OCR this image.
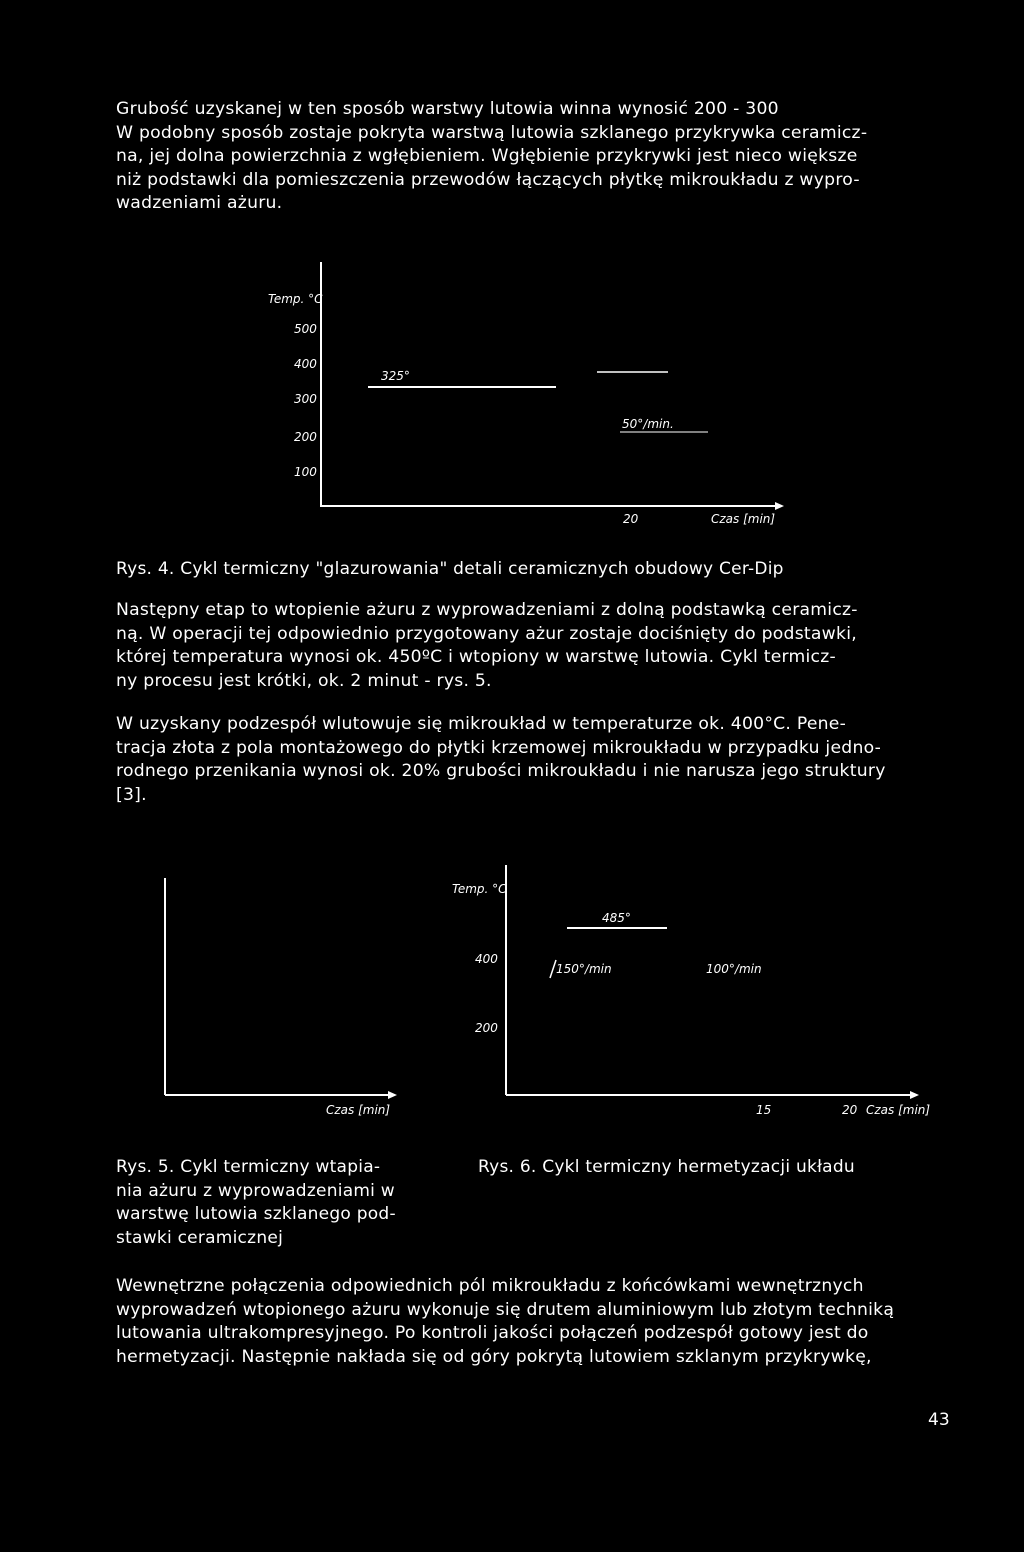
Grubość uzyskanej w ten sposób warstwy lutowia winna wynosić 200 - 300
W podobny sposób zostaje pokryta warstwą lutowia szklanego przykrywka ceramicz-
na, jej dolna powierzchnia z wgłębieniem. Wgłębienie przykrywki jest nieco większe
niż podstawki dla pomieszczenia przewodów łączących płytkę mikroukładu z wypro-
wadzeniami ażuru.
Temp. °C
500
400
300
200
100
325°
50°/min.
20	Czas [min]

Rys. 4. Cykl termiczny "glazurowania" detali ceramicznych obudowy Cer-Dip

Następny etap to wtopienie ażuru z wyprowadzeniami z dolną podstawką ceramicz-
ną. W operacji tej odpowiednio przygotowany ażur zostaje dociśnięty do podstawki,
której temperatura wynosi ok. 450ºC i wtopiony w warstwę lutowia. Cykl termicz-
ny procesu jest krótki, ok. 2 minut - rys. 5.
W uzyskany podzespół wlutowuje się mikroukład w temperaturze ok. 400°C. Pene-
tracja złota z pola montażowego do płytki krzemowej mikroukładu w przypadku jedno-
rodnego przenikania wynosi ok. 20% grubości mikroukładu i nie narusza jego struktury
[3].
Czas [min]
Temp. °C
400
200
485°
150°/min	100°/min
15	20 Czas [min]
Rys. 5. Cykl termiczny wtapia-
nia ażuru z wyprowadzeniami w
warstwę lutowia szklanego pod-
stawki ceramicznej

Rys. 6. Cykl termiczny hermetyzacji układu

Wewnętrzne połączenia odpowiednich pól mikroukładu z końcówkami wewnętrznych
wyprowadzeń wtopionego ażuru wykonuje się drutem aluminiowym lub złotym techniką
lutowania ultrakompresyjnego. Po kontroli jakości połączeń podzespół gotowy jest do
hermetyzacji. Następnie nakłada się od góry pokrytą lutowiem szklanym przykrywkę,
43
